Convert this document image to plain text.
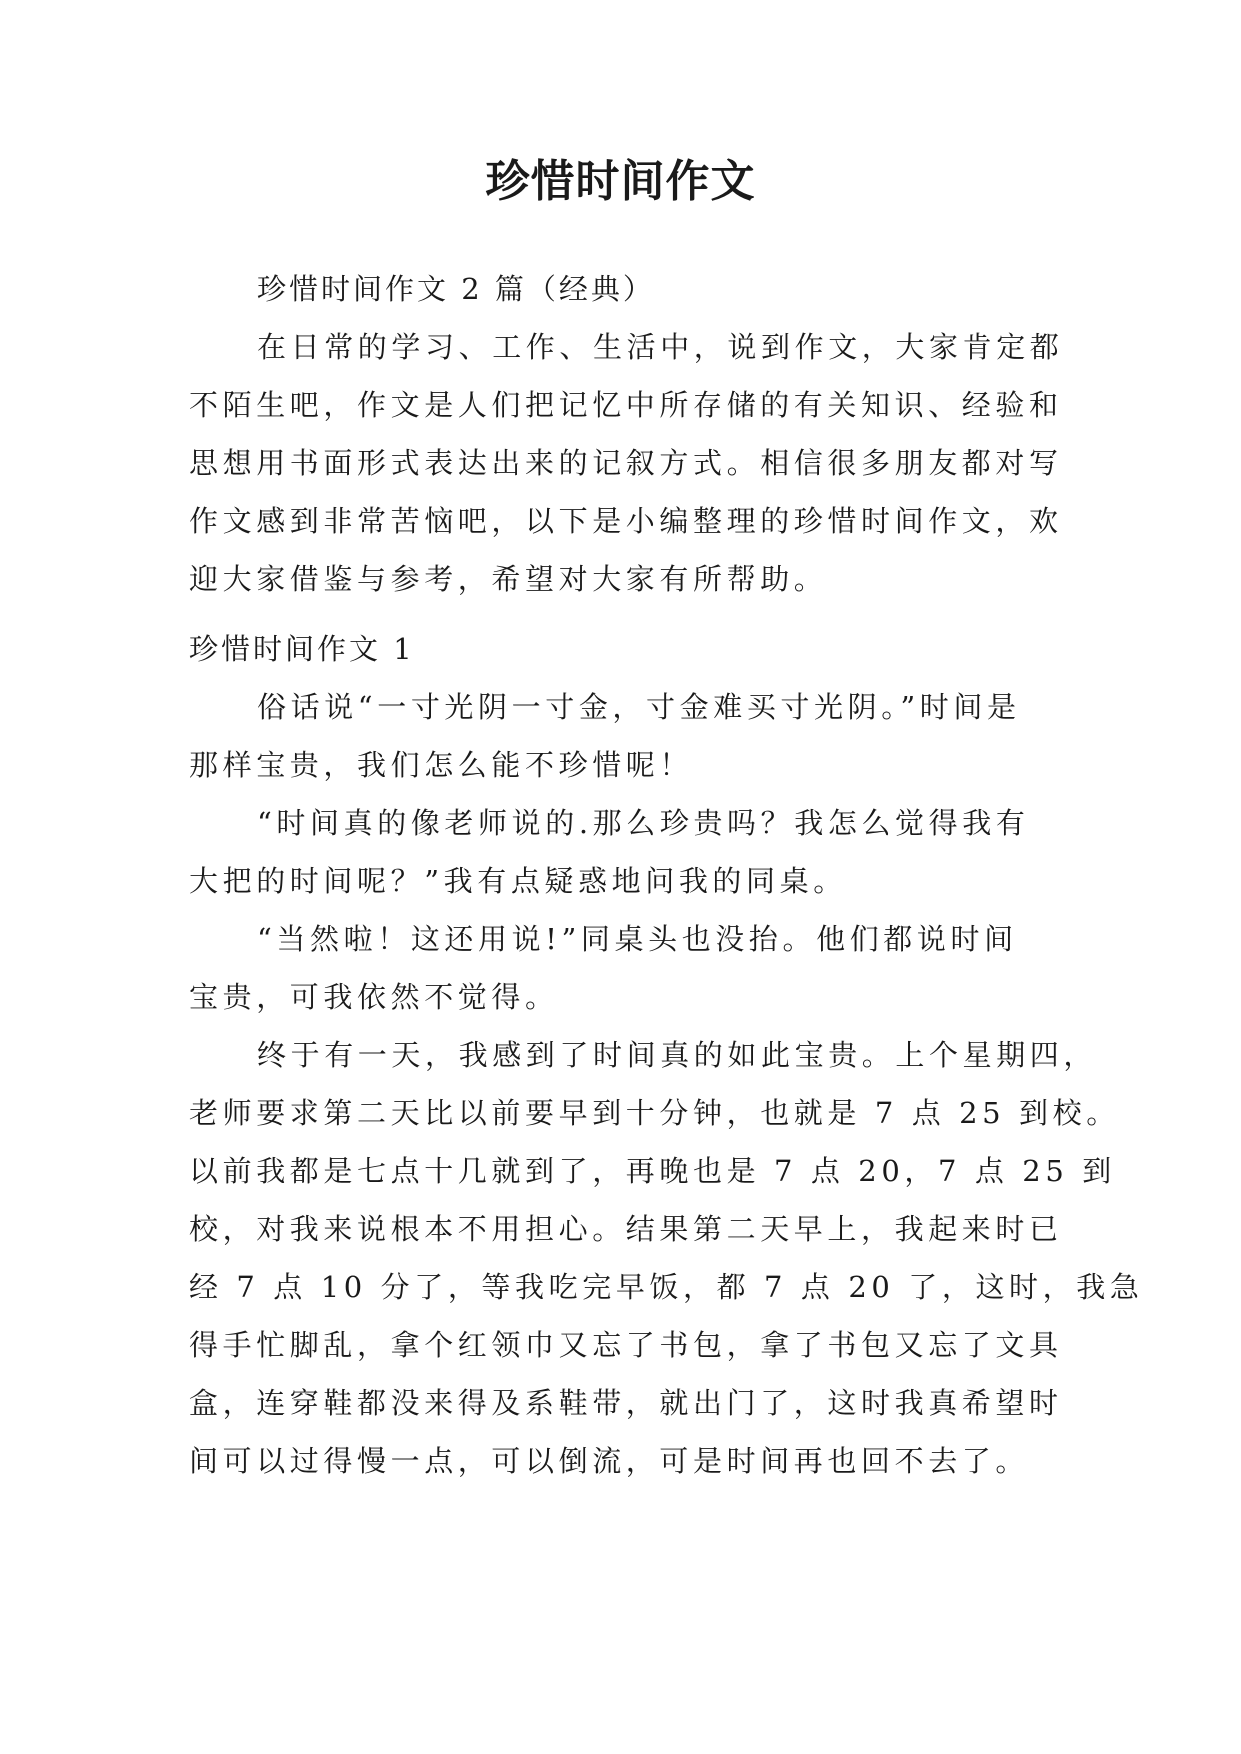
珍惜时间作文
珍惜时间作文 2 篇（经典）
在日常的学习、工作、生活中，说到作文，大家肯定都
不陌生吧，作文是人们把记忆中所存储的有关知识、经验和
思想用书面形式表达出来的记叙方式。相信很多朋友都对写
作文感到非常苦恼吧，以下是小编整理的珍惜时间作文，欢
迎大家借鉴与参考，希望对大家有所帮助。
珍惜时间作文 1
俗话说“一寸光阴一寸金，寸金难买寸光阴。”时间是
那样宝贵，我们怎么能不珍惜呢！
“时间真的像老师说的.那么珍贵吗？我怎么觉得我有
大把的时间呢？”我有点疑惑地问我的同桌。
“当然啦！这还用说!”同桌头也没抬。他们都说时间
宝贵，可我依然不觉得。
终于有一天，我感到了时间真的如此宝贵。上个星期四，
老师要求第二天比以前要早到十分钟，也就是 7 点 25 到校。
以前我都是七点十几就到了，再晚也是 7 点 20，7 点 25 到
校，对我来说根本不用担心。结果第二天早上，我起来时已
经 7 点 10 分了，等我吃完早饭，都 7 点 20 了，这时，我急
得手忙脚乱，拿个红领巾又忘了书包，拿了书包又忘了文具
盒，连穿鞋都没来得及系鞋带，就出门了，这时我真希望时
间可以过得慢一点，可以倒流，可是时间再也回不去了。
